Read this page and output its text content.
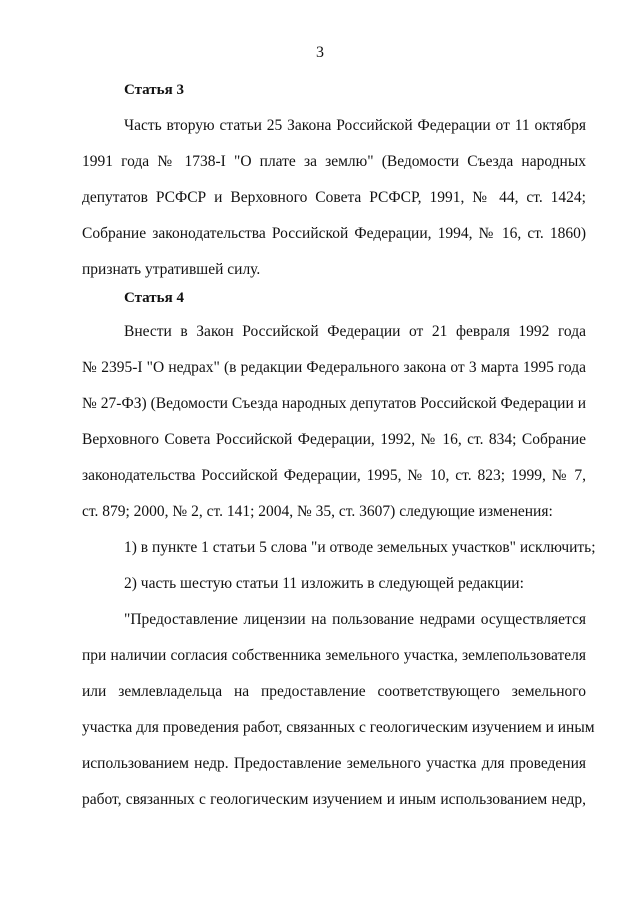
3
Статья 3
Часть вторую статьи 25 Закона Российской Федерации от 11 октября
1991 года № 1738-I "О плате за землю" (Ведомости Съезда народных
депутатов РСФСР и Верховного Совета РСФСР, 1991, № 44, ст. 1424;
Собрание законодательства Российской Федерации, 1994, № 16, ст. 1860)
признать утратившей силу.
Статья 4
Внести в Закон Российской Федерации от 21 февраля 1992 года
№ 2395-I "О недрах" (в редакции Федерального закона от 3 марта 1995 года
№ 27-ФЗ) (Ведомости Съезда народных депутатов Российской Федерации и
Верховного Совета Российской Федерации, 1992, № 16, ст. 834; Собрание
законодательства Российской Федерации, 1995, № 10, ст. 823; 1999, № 7,
ст. 879; 2000, № 2, ст. 141; 2004, № 35, ст. 3607) следующие изменения:
1) в пункте 1 статьи 5 слова "и отводе земельных участков" исключить;
2) часть шестую статьи 11 изложить в следующей редакции:
"Предоставление лицензии на пользование недрами осуществляется
при наличии согласия собственника земельного участка, землепользователя
или землевладельца на предоставление соответствующего земельного
участка для проведения работ, связанных с геологическим изучением и иным
использованием недр. Предоставление земельного участка для проведения
работ, связанных с геологическим изучением и иным использованием недр,
